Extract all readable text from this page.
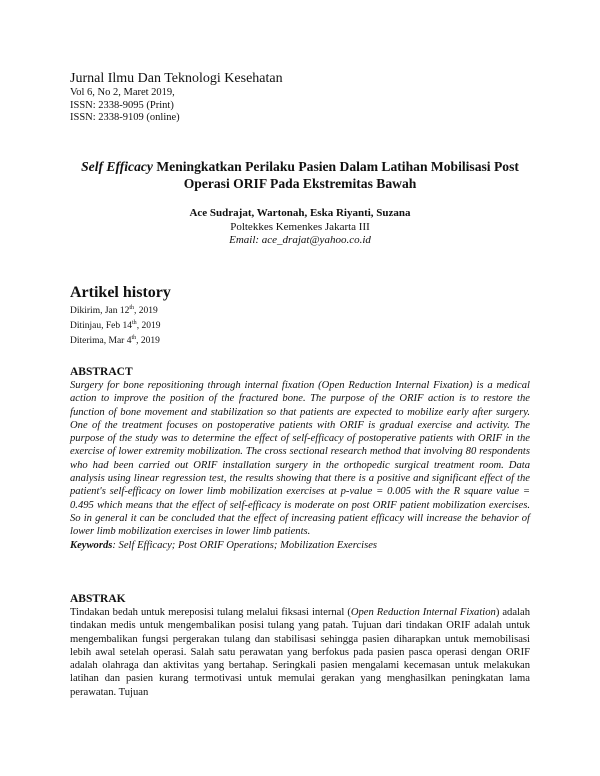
Jurnal Ilmu Dan Teknologi Kesehatan
Vol 6, No 2, Maret 2019,
ISSN: 2338-9095 (Print)
ISSN: 2338-9109 (online)
Self Efficacy Meningkatkan Perilaku Pasien Dalam Latihan Mobilisasi Post
Operasi ORIF Pada Ekstremitas Bawah
Ace Sudrajat, Wartonah, Eska Riyanti, Suzana
Poltekkes Kemenkes Jakarta III
Email: ace_drajat@yahoo.co.id
Artikel history
Dikirim, Jan 12th, 2019
Ditinjau, Feb 14th, 2019
Diterima, Mar 4th, 2019
ABSTRACT
Surgery for bone repositioning through internal fixation (Open Reduction Internal Fixation) is a medical action to improve the position of the fractured bone. The purpose of the ORIF action is to restore the function of bone movement and stabilization so that patients are expected to mobilize early after surgery. One of the treatment focuses on postoperative patients with ORIF is gradual exercise and activity. The purpose of the study was to determine the effect of self-efficacy of postoperative patients with ORIF in the exercise of lower extremity mobilization. The cross sectional research method that involving 80 respondents who had been carried out ORIF installation surgery in the orthopedic surgical treatment room. Data analysis using linear regression test, the results showing that there is a positive and significant effect of the patient's self-efficacy on lower limb mobilization exercises at p-value = 0.005 with the R square value = 0.495 which means that the effect of self-efficacy is moderate on post ORIF patient mobilization exercises. So in general it can be concluded that the effect of increasing patient efficacy will increase the behavior of lower limb mobilization exercises in lower limb patients.
Keywords: Self Efficacy; Post ORIF Operations; Mobilization Exercises
ABSTRAK
Tindakan bedah untuk mereposisi tulang melalui fiksasi internal (Open Reduction Internal Fixation) adalah tindakan medis untuk mengembalikan posisi tulang yang patah. Tujuan dari tindakan ORIF adalah untuk mengembalikan fungsi pergerakan tulang dan stabilisasi sehingga pasien diharapkan untuk memobilisasi lebih awal setelah operasi. Salah satu perawatan yang berfokus pada pasien pasca operasi dengan ORIF adalah olahraga dan aktivitas yang bertahap. Seringkali pasien mengalami kecemasan untuk melakukan latihan dan pasien kurang termotivasi untuk memulai gerakan yang menghasilkan peningkatan lama perawatan. Tujuan
